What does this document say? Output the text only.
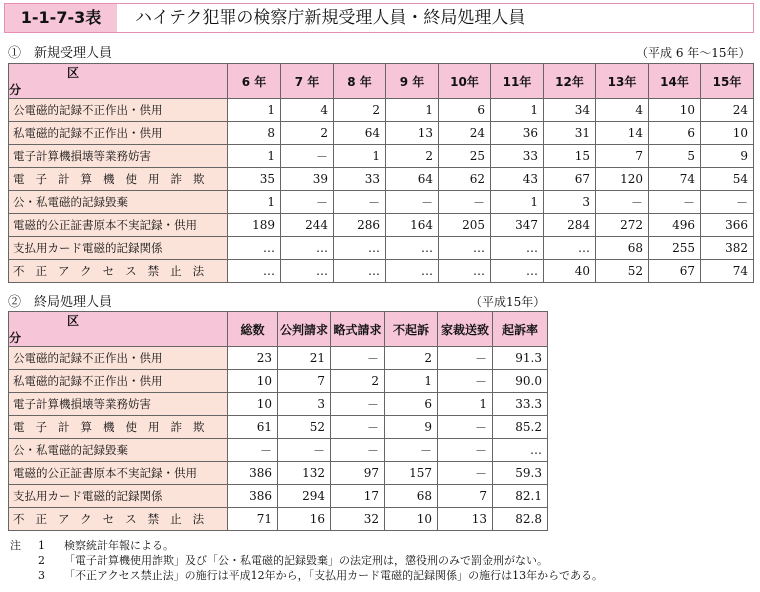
1-1-7-3表	ハイテク犯罪の検察庁新規受理人員・終局処理人員
①　新規受理人員	（平成 6 年～15年）
区分	6 年	7 年	8 年	9 年	10年	11年	12年	13年	14年	15年
公電磁的記録不正作出・供用	1	4	2	1	6	1	34	4	10	24
私電磁的記録不正作出・供用	8	2	64	13	24	36	31	14	6	10
電子計算機損壊等業務妨害	1	－	1	2	25	33	15	7	5	9
電子計算機使用詐欺	35	39	33	64	62	43	67	120	74	54
公・私電磁的記録毀棄	1	－	－	－	－	1	3	－	－	－
電磁的公正証書原本不実記録・供用	189	244	286	164	205	347	284	272	496	366
支払用カード電磁的記録関係	…	…	…	…	…	…	…	68	255	382
不正アクセス禁止法	…	…	…	…	…	…	40	52	67	74
②　終局処理人員	（平成15年）
区分	総数	公判請求	略式請求	不起訴	家裁送致	起訴率
公電磁的記録不正作出・供用	23	21	－	2	－	91.3
私電磁的記録不正作出・供用	10	7	2	1	－	90.0
電子計算機損壊等業務妨害	10	3	－	6	1	33.3
電子計算機使用詐欺	61	52	－	9	－	85.2
公・私電磁的記録毀棄	－	－	－	－	－	…
電磁的公正証書原本不実記録・供用	386	132	97	157	－	59.3
支払用カード電磁的記録関係	386	294	17	68	7	82.1
不正アクセス禁止法	71	16	32	10	13	82.8
注	1	検察統計年報による。
2	「電子計算機使用詐欺」及び「公・私電磁的記録毀棄」の法定刑は，懲役刑のみで罰金刑がない。
3	「不正アクセス禁止法」の施行は平成12年から，「支払用カード電磁的記録関係」の施行は13年からである。
